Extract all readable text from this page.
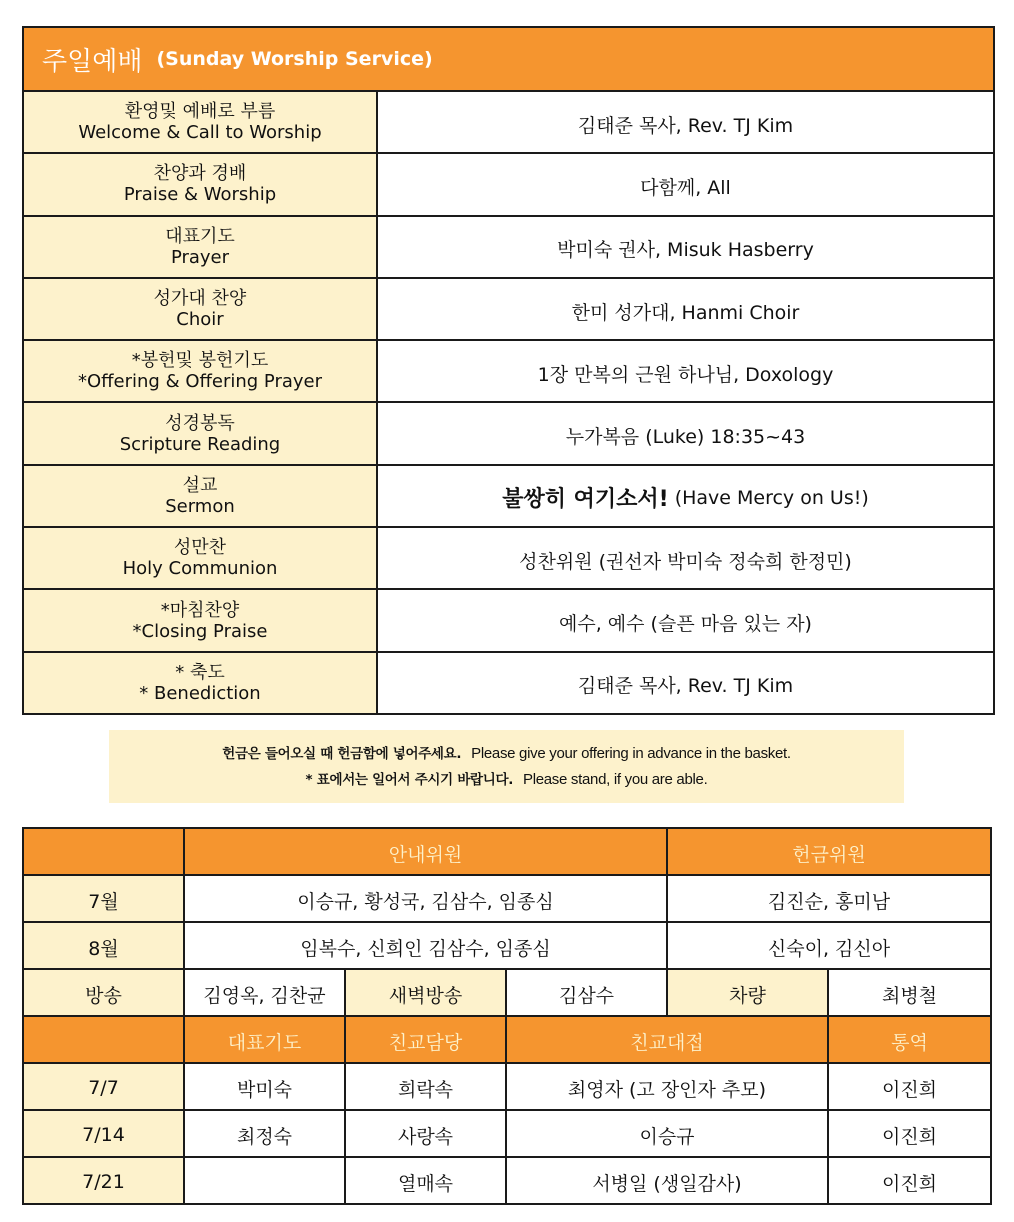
주일예배 (Sunday Worship Service)
환영및 예배로 부름
Welcome & Call to Worship	김태준 목사, Rev. TJ Kim
찬양과 경배
Praise & Worship	다함께, All
대표기도
Prayer	박미숙 권사, Misuk Hasberry
성가대 찬양
Choir	한미 성가대, Hanmi Choir
*봉헌및 봉헌기도
*Offering & Offering Prayer	1장 만복의 근원 하나님, Doxology
성경봉독
Scripture Reading	누가복음 (Luke) 18:35~43
설교
Sermon	불쌍히 여기소서! (Have Mercy on Us!)
성만찬
Holy Communion	성찬위원 (권선자 박미숙 정숙희 한정민)
*마침찬양
*Closing Praise	예수, 예수 (슬픈 마음 있는 자)
* 축도
* Benediction	김태준 목사, Rev. TJ Kim
헌금은 들어오실 때 헌금함에 넣어주세요. Please give your offering in advance in the basket.
* 표에서는 일어서 주시기 바랍니다. Please stand, if you are able.
	안내위원			헌금위원	
7월	이승규, 황성국, 김삼수, 임종심			김진순, 홍미남	
8월	임복수, 신희인 김삼수, 임종심			신숙이, 김신아	
방송	김영옥, 김찬균	새벽방송	김삼수	차량	최병철
	대표기도	친교담당	친교대접		통역
7/7	박미숙	희락속	최영자 (고 장인자 추모)		이진희
7/14	최정숙	사랑속	이승규		이진희
7/21		열매속	서병일 (생일감사)		이진희
